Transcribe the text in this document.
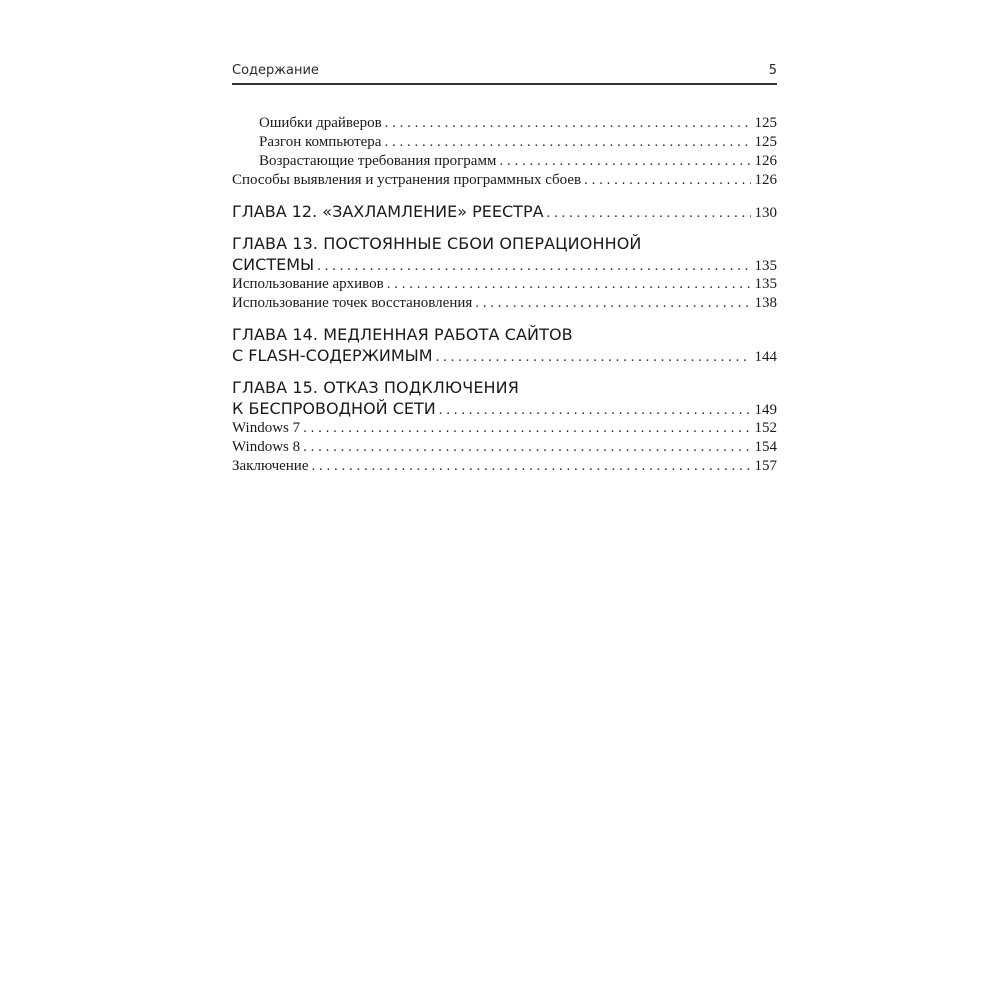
Содержание	5
Ошибки драйверов . . .	125
Разгон компьютера . . .	125
Возрастающие требования программ . . .	126
Способы выявления и устранения программных сбоев . . .	126
ГЛАВА 12. «ЗАХЛАМЛЕНИЕ» РЕЕСТРА . . .	130
ГЛАВА 13. ПОСТОЯННЫЕ СБОИ ОПЕРАЦИОННОЙ
СИСТЕМЫ . . .	135
Использование архивов . . .	135
Использование точек восстановления . . .	138
ГЛАВА 14. МЕДЛЕННАЯ РАБОТА САЙТОВ
С FLASH-СОДЕРЖИМЫМ . . .	144
ГЛАВА 15. ОТКАЗ ПОДКЛЮЧЕНИЯ
К БЕСПРОВОДНОЙ СЕТИ . . .	149
Windows 7 . . .	152
Windows 8 . . .	154
Заключение . . .	157
